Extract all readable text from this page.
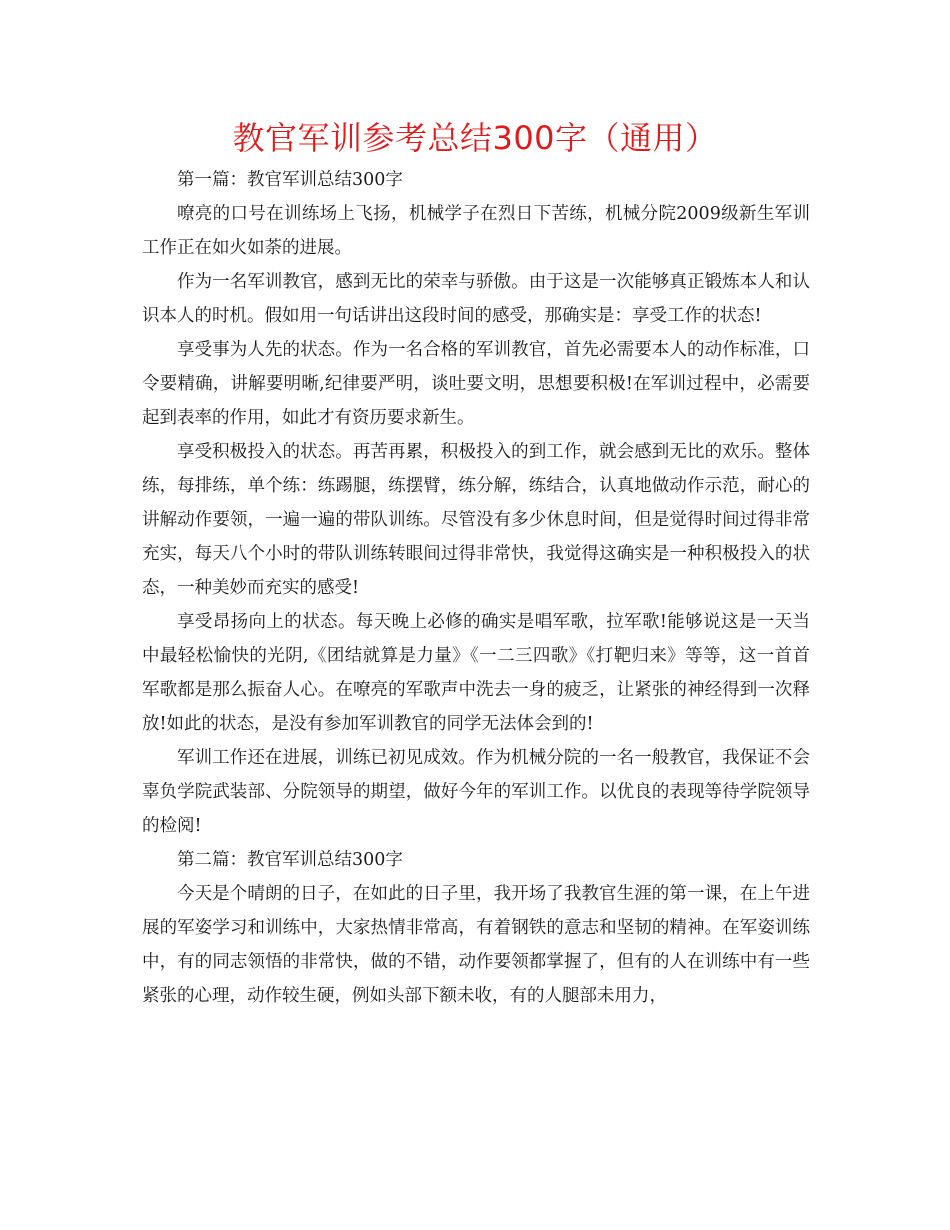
教官军训参考总结300字（通用）

第一篇：教官军训总结300字

嘹亮的口号在训练场上飞扬，机械学子在烈日下苦练，机械分院2009级新生军训工作正在如火如荼的进展。

作为一名军训教官，感到无比的荣幸与骄傲。由于这是一次能够真正锻炼本人和认识本人的时机。假如用一句话讲出这段时间的感受，那确实是：享受工作的状态!

享受事为人先的状态。作为一名合格的军训教官，首先必需要本人的动作标准，口令要精确，讲解要明晰,纪律要严明，谈吐要文明，思想要积极!在军训过程中，必需要起到表率的作用，如此才有资历要求新生。

享受积极投入的状态。再苦再累，积极投入的到工作，就会感到无比的欢乐。整体练，每排练，单个练：练踢腿，练摆臂，练分解，练结合，认真地做动作示范，耐心的讲解动作要领，一遍一遍的带队训练。尽管没有多少休息时间，但是觉得时间过得非常充实，每天八个小时的带队训练转眼间过得非常快，我觉得这确实是一种积极投入的状态，一种美妙而充实的感受!

享受昂扬向上的状态。每天晚上必修的确实是唱军歌，拉军歌!能够说这是一天当中最轻松愉快的光阴,《团结就算是力量》《一二三四歌》《打靶归来》等等，这一首首军歌都是那么振奋人心。在嘹亮的军歌声中洗去一身的疲乏，让紧张的神经得到一次释放!如此的状态，是没有参加军训教官的同学无法体会到的!

军训工作还在进展，训练已初见成效。作为机械分院的一名一般教官，我保证不会辜负学院武装部、分院领导的期望，做好今年的军训工作。以优良的表现等待学院领导的检阅!

第二篇：教官军训总结300字

今天是个晴朗的日子，在如此的日子里，我开场了我教官生涯的第一课，在上午进展的军姿学习和训练中，大家热情非常高，有着钢铁的意志和坚韧的精神。在军姿训练中，有的同志领悟的非常快，做的不错，动作要领都掌握了，但有的人在训练中有一些紧张的心理，动作较生硬，例如头部下额未收，有的人腿部未用力，
